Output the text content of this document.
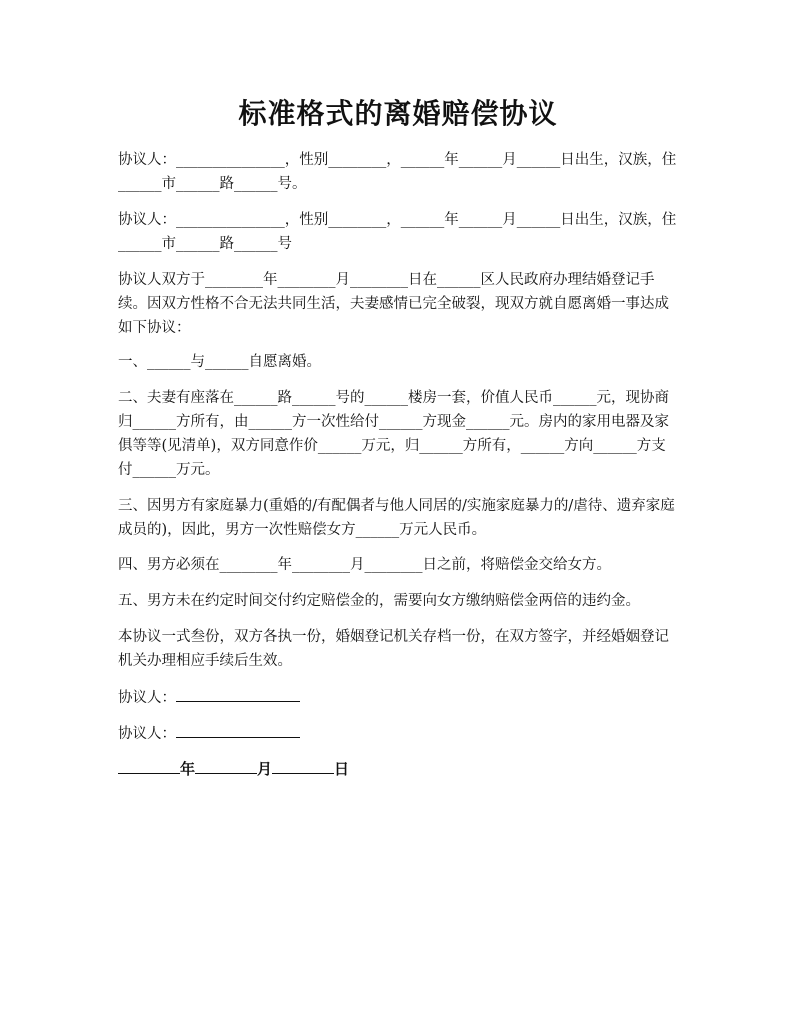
标准格式的离婚赔偿协议

协议人：_______________，性别________，______年______月______日出生，汉族，住______市______路______号。

协议人：_______________，性别________，______年______月______日出生，汉族，住______市______路______号

协议人双方于________年________月________日在______区人民政府办理结婚登记手续。因双方性格不合无法共同生活，夫妻感情已完全破裂，现双方就自愿离婚一事达成如下协议：

一、______与______自愿离婚。

二、夫妻有座落在______路______号的______楼房一套，价值人民币______元，现协商归______方所有，由______方一次性给付______方现金______元。房内的家用电器及家俱等等(见清单)，双方同意作价______万元，归______方所有，______方向______方支付______万元。

三、因男方有家庭暴力(重婚的/有配偶者与他人同居的/实施家庭暴力的/虐待、遗弃家庭成员的)，因此，男方一次性赔偿女方______万元人民币。

四、男方必须在________年________月________日之前，将赔偿金交给女方。

五、男方未在约定时间交付约定赔偿金的，需要向女方缴纳赔偿金两倍的违约金。

本协议一式叁份，双方各执一份，婚姻登记机关存档一份，在双方签字，并经婚姻登记机关办理相应手续后生效。

协议人：

协议人：

年	月	日
